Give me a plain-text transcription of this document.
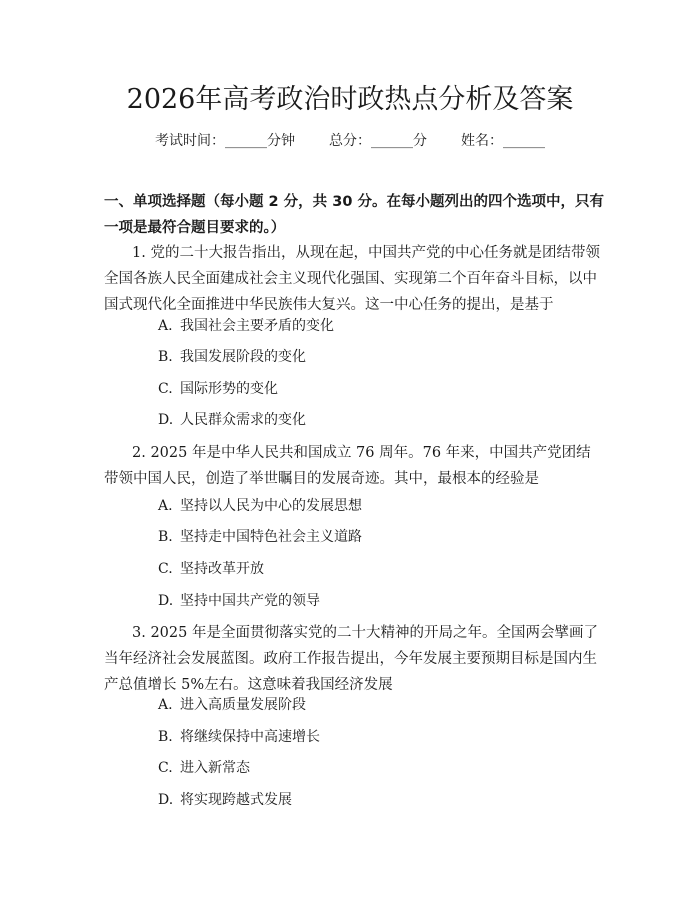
2026年高考政治时政热点分析及答案
考试时间：______分钟 总分：______分 姓名：______

一、单项选择题（每小题 2 分，共 30 分。在每小题列出的四个选项中，只有一项是最符合题目要求的。）

1. 党的二十大报告指出，从现在起，中国共产党的中心任务就是团结带领全国各族人民全面建成社会主义现代化强国、实现第二个百年奋斗目标，以中国式现代化全面推进中华民族伟大复兴。这一中心任务的提出，是基于

A. 我国社会主要矛盾的变化
B. 我国发展阶段的变化
C. 国际形势的变化
D. 人民群众需求的变化

2. 2025 年是中华人民共和国成立 76 周年。76 年来，中国共产党团结带领中国人民，创造了举世瞩目的发展奇迹。其中，最根本的经验是

A. 坚持以人民为中心的发展思想
B. 坚持走中国特色社会主义道路
C. 坚持改革开放
D. 坚持中国共产党的领导

3. 2025 年是全面贯彻落实党的二十大精神的开局之年。全国两会擘画了当年经济社会发展蓝图。政府工作报告提出，今年发展主要预期目标是国内生产总值增长 5%左右。这意味着我国经济发展

A. 进入高质量发展阶段
B. 将继续保持中高速增长
C. 进入新常态
D. 将实现跨越式发展
